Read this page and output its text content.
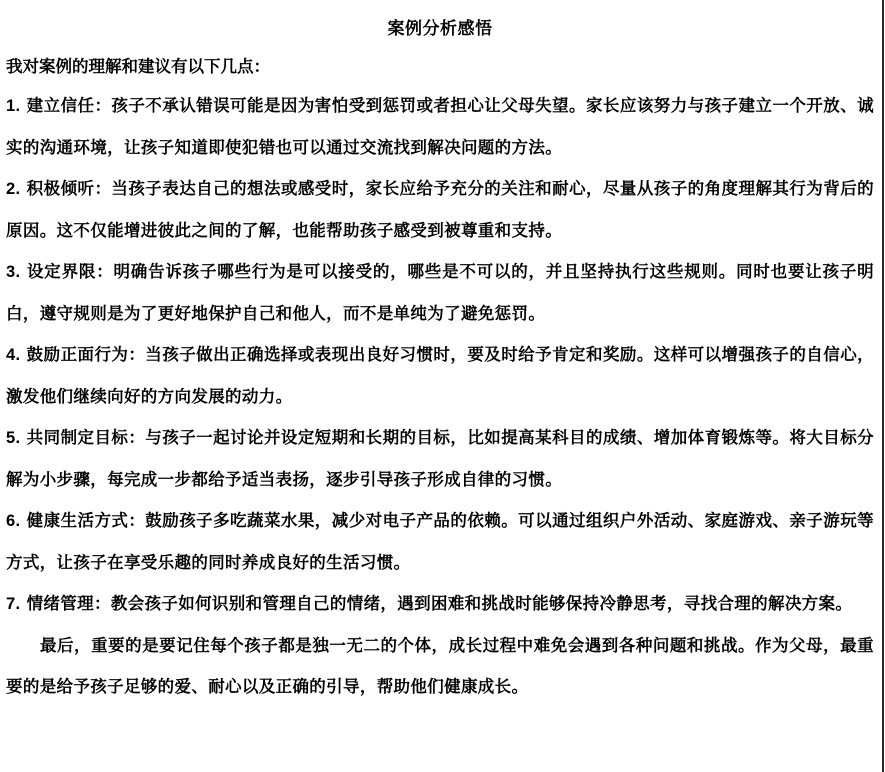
案例分析感悟
我对案例的理解和建议有以下几点：
1. 建立信任：孩子不承认错误可能是因为害怕受到惩罚或者担心让父母失望。家长应该努力与孩子建立一个开放、诚实的沟通环境，让孩子知道即使犯错也可以通过交流找到解决问题的方法。
2. 积极倾听：当孩子表达自己的想法或感受时，家长应给予充分的关注和耐心，尽量从孩子的角度理解其行为背后的原因。这不仅能增进彼此之间的了解，也能帮助孩子感受到被尊重和支持。
3. 设定界限：明确告诉孩子哪些行为是可以接受的，哪些是不可以的，并且坚持执行这些规则。同时也要让孩子明白，遵守规则是为了更好地保护自己和他人，而不是单纯为了避免惩罚。
4. 鼓励正面行为：当孩子做出正确选择或表现出良好习惯时，要及时给予肯定和奖励。这样可以增强孩子的自信心，激发他们继续向好的方向发展的动力。
5. 共同制定目标：与孩子一起讨论并设定短期和长期的目标，比如提高某科目的成绩、增加体育锻炼等。将大目标分解为小步骤，每完成一步都给予适当表扬，逐步引导孩子形成自律的习惯。
6. 健康生活方式：鼓励孩子多吃蔬菜水果，减少对电子产品的依赖。可以通过组织户外活动、家庭游戏、亲子游玩等方式，让孩子在享受乐趣的同时养成良好的生活习惯。
7. 情绪管理：教会孩子如何识别和管理自己的情绪，遇到困难和挑战时能够保持冷静思考，寻找合理的解决方案。
最后，重要的是要记住每个孩子都是独一无二的个体，成长过程中难免会遇到各种问题和挑战。作为父母，最重要的是给予孩子足够的爱、耐心以及正确的引导，帮助他们健康成长。
